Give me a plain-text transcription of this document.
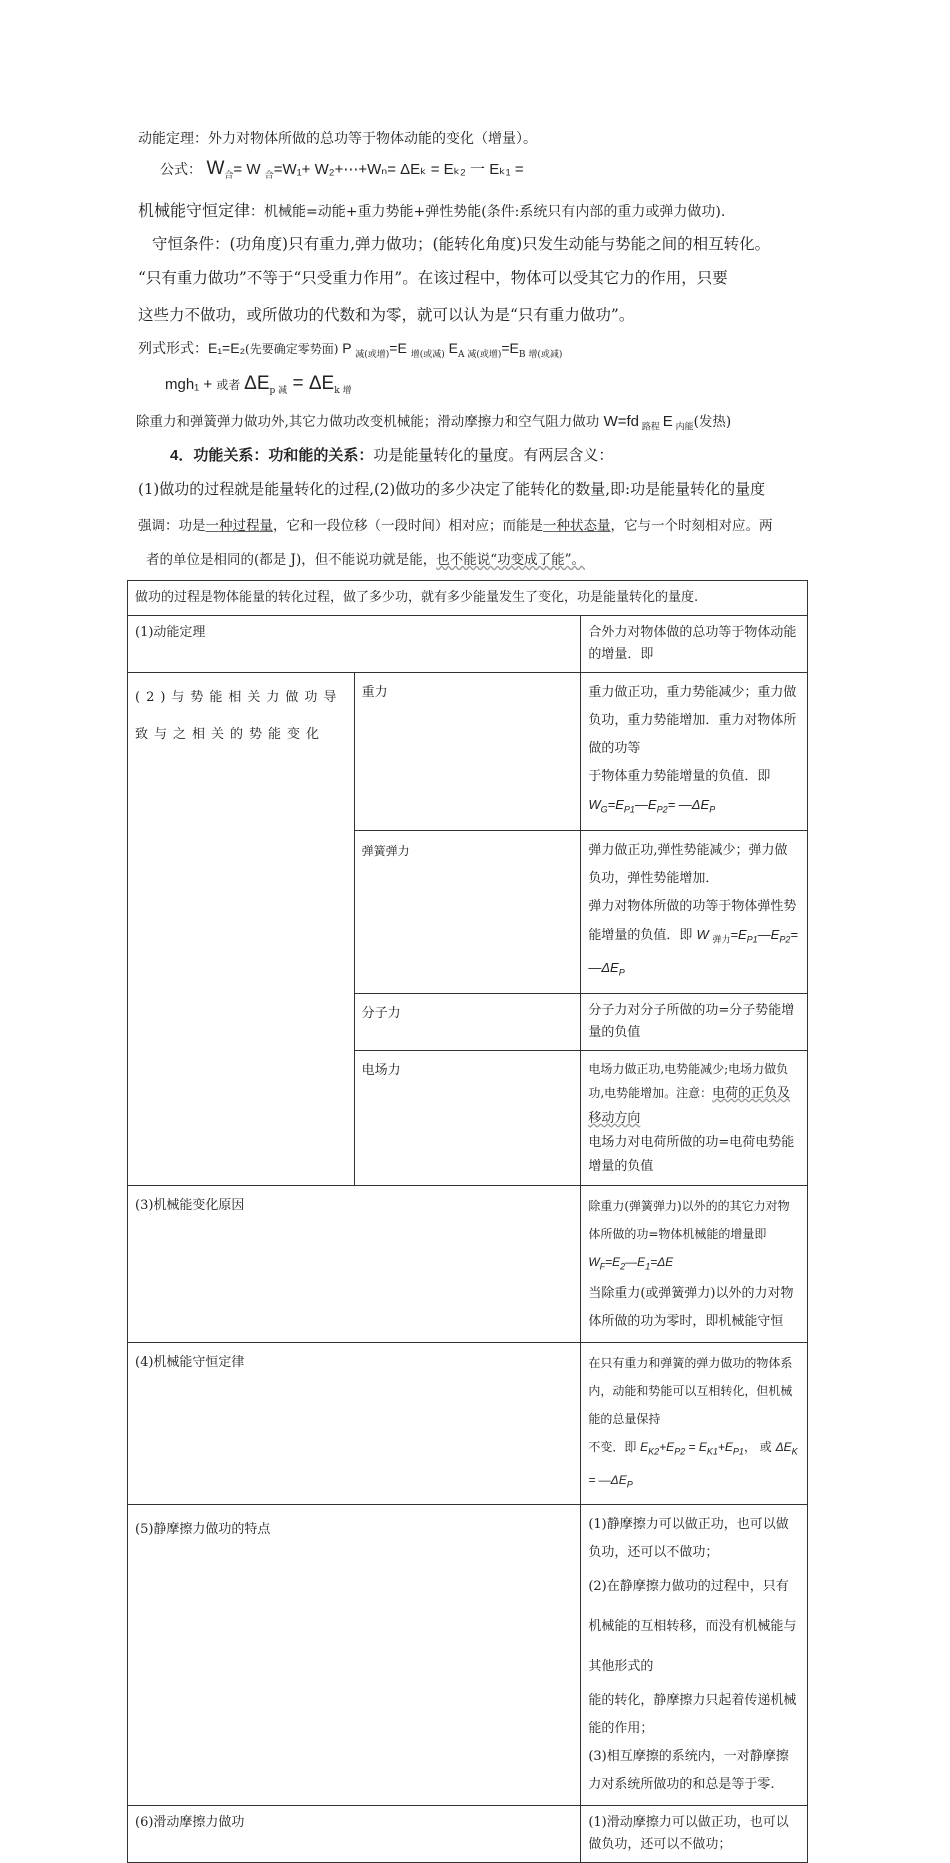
动能定理：外力对物体所做的总功等于物体动能的变化（增量）。
公式： $W_合= W$ $_合$=W₁+ W₂+⋯+Wₙ= ΔEₖ = Eₖ₂ 一 Eₖ₁ =
机械能守恒定律：机械能=动能+重力势能+弹性势能(条件:系统只有内部的重力或弹力做功).
守恒条件：(功角度)只有重力,弹力做功；(能转化角度)只发生动能与势能之间的相互转化。
“只有重力做功”不等于“只受重力作用”。在该过程中，物体可以受其它力的作用，只要
这些力不做功，或所做功的代数和为零，就可以认为是“只有重力做功”。
列式形式：E₁=E₂(先要确定零势面) P $_{减(或增)}$=E $_{增(或减)}$ $E_{A 减(或增)}=E_{B 增(或减)}$
mgh₁ + 或者 $\Delta E_{p 减} = \Delta E_{k 增}$
除重力和弹簧弹力做功外,其它力做功改变机械能；滑动摩擦力和空气阻力做功 W=fd $_{路程}$ E $_{内能}$(发热)
4．功能关系：功和能的关系：功是能量转化的量度。有两层含义：
(1)做功的过程就是能量转化的过程,(2)做功的多少决定了能转化的数量,即:功是能量转化的量度
强调：功是一种过程量，它和一段位移（一段时间）相对应；而能是一种状态量，它与一个时刻相对应。两
者的单位是相同的(都是 J)，但不能说功就是能，也不能说“功变成了能”。
做功的过程是物体能量的转化过程，做了多少功，就有多少能量发生了变化，功是能量转化的量度.		
(1)动能定理		合外力对物体做的总功等于物体动能的增量．即
(2)与势能相关力做功导致与之相关的势能变化	重力	重力做正功，重力势能减少；重力做负功，重力势能增加．重力对物体所做的功等
于物体重力势能增量的负值．即 $W_G=E_{P1}—E_{P2}=$ $—\Delta E_P$

	弹簧弹力	弹力做正功,弹性势能减少；弹力做负功，弹性势能增加．
弹力对物体所做的功等于物体弹性势能增量的负值．即 W $_{弹力}=E_{P1}—E_{P2}=$ $—\Delta E_P$

	分子力	分子力对分子所做的功=分子势能增量的负值
	电场力	电场力做正功,电势能减少;电场力做负功,电势能增加。注意：电荷的正负及移动方向
电场力对电荷所做的功=电荷电势能增量的负值

(3)机械能变化原因		除重力(弹簧弹力)以外的的其它力对物体所做的功=物体机械能的增量即 $W_F=E_2—E_1=\Delta E$
当除重力(或弹簧弹力)以外的力对物体所做的功为零时，即机械能守恒

(4)机械能守恒定律		在只有重力和弹簧的弹力做功的物体系内，动能和势能可以互相转化，但机械能的总量保持
不变．即 $E_{K2}+E_{P2} = E_{K1}+E_{P1}$， 或 $\Delta E_K$ = $—\Delta E_P$

(5)静摩擦力做功的特点		(1)静摩擦力可以做正功，也可以做负功，还可以不做功；
(2)在静摩擦力做功的过程中，只有机械能的互相转移，而没有机械能与其他形式的
能的转化，静摩擦力只起着传递机械能的作用；
(3)相互摩擦的系统内，一对静摩擦力对系统所做功的和总是等于零.

(6)滑动摩擦力做功		(1)滑动摩擦力可以做正功，也可以做负功，还可以不做功；
